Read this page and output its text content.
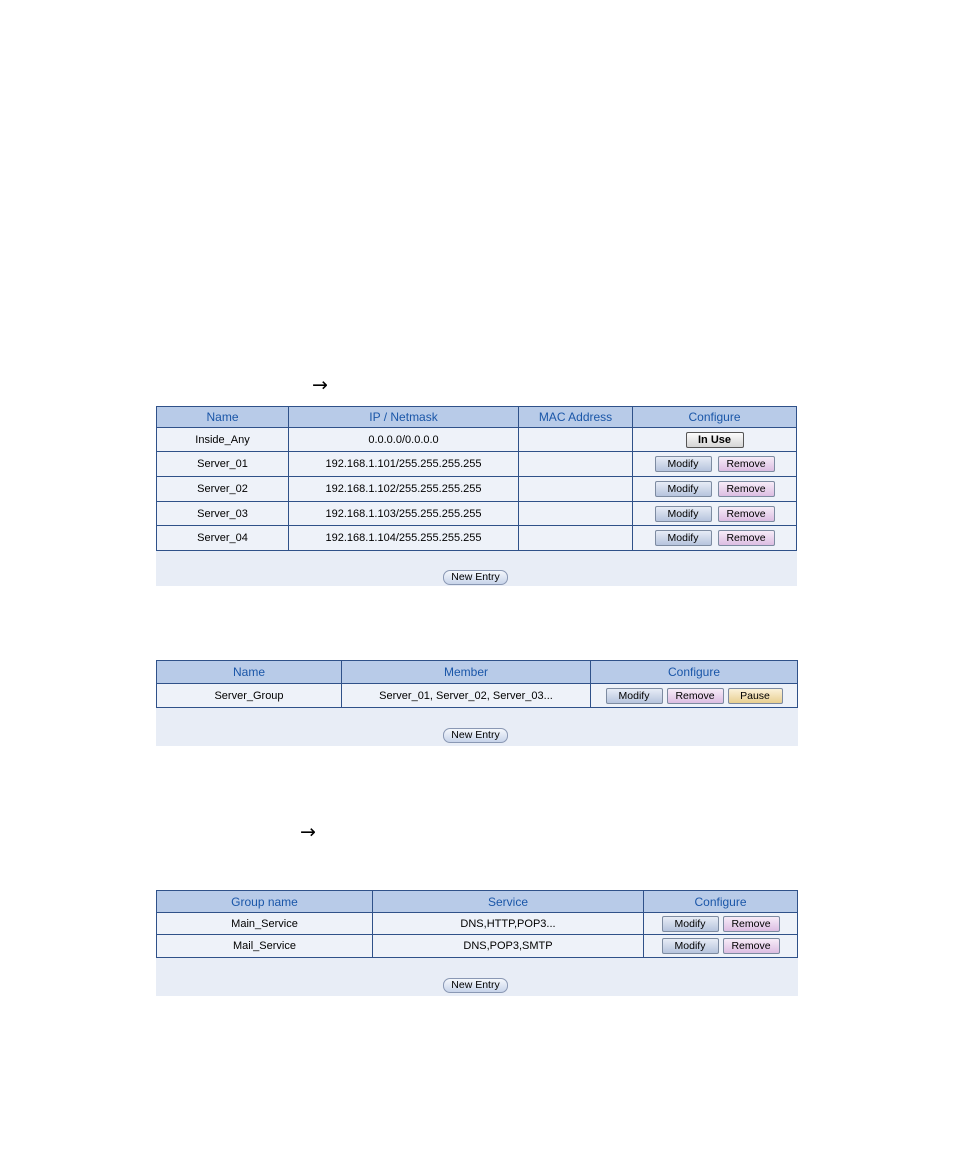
→
Name	IP / Netmask	MAC Address	Configure
Inside_Any	0.0.0.0/0.0.0.0		In Use
Server_01	192.168.1.101/255.255.255.255		Modify Remove
Server_02	192.168.1.102/255.255.255.255		Modify Remove
Server_03	192.168.1.103/255.255.255.255		Modify Remove
Server_04	192.168.1.104/255.255.255.255		Modify Remove
New Entry
Name	Member	Configure
Server_Group	Server_01, Server_02, Server_03...	Modify Remove Pause
New Entry
→
Group name	Service	Configure
Main_Service	DNS,HTTP,POP3...	Modify Remove
Mail_Service	DNS,POP3,SMTP	Modify Remove
New Entry
